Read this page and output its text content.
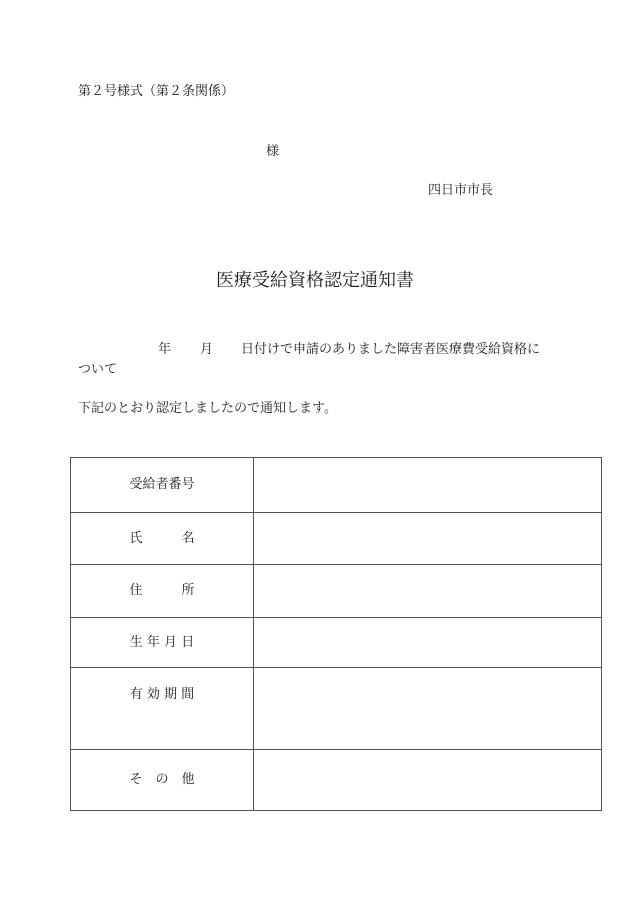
第２号様式（第２条関係）
様
四日市市長
医療受給資格認定通知書
年 月 日付けで申請のありました障害者医療費受給資格に
ついて
下記のとおり認定しましたので通知します。
受給者番号	
氏　　　名	
住　　　所	
生 年 月 日	
有 効 期 間	
そ　の　他	
